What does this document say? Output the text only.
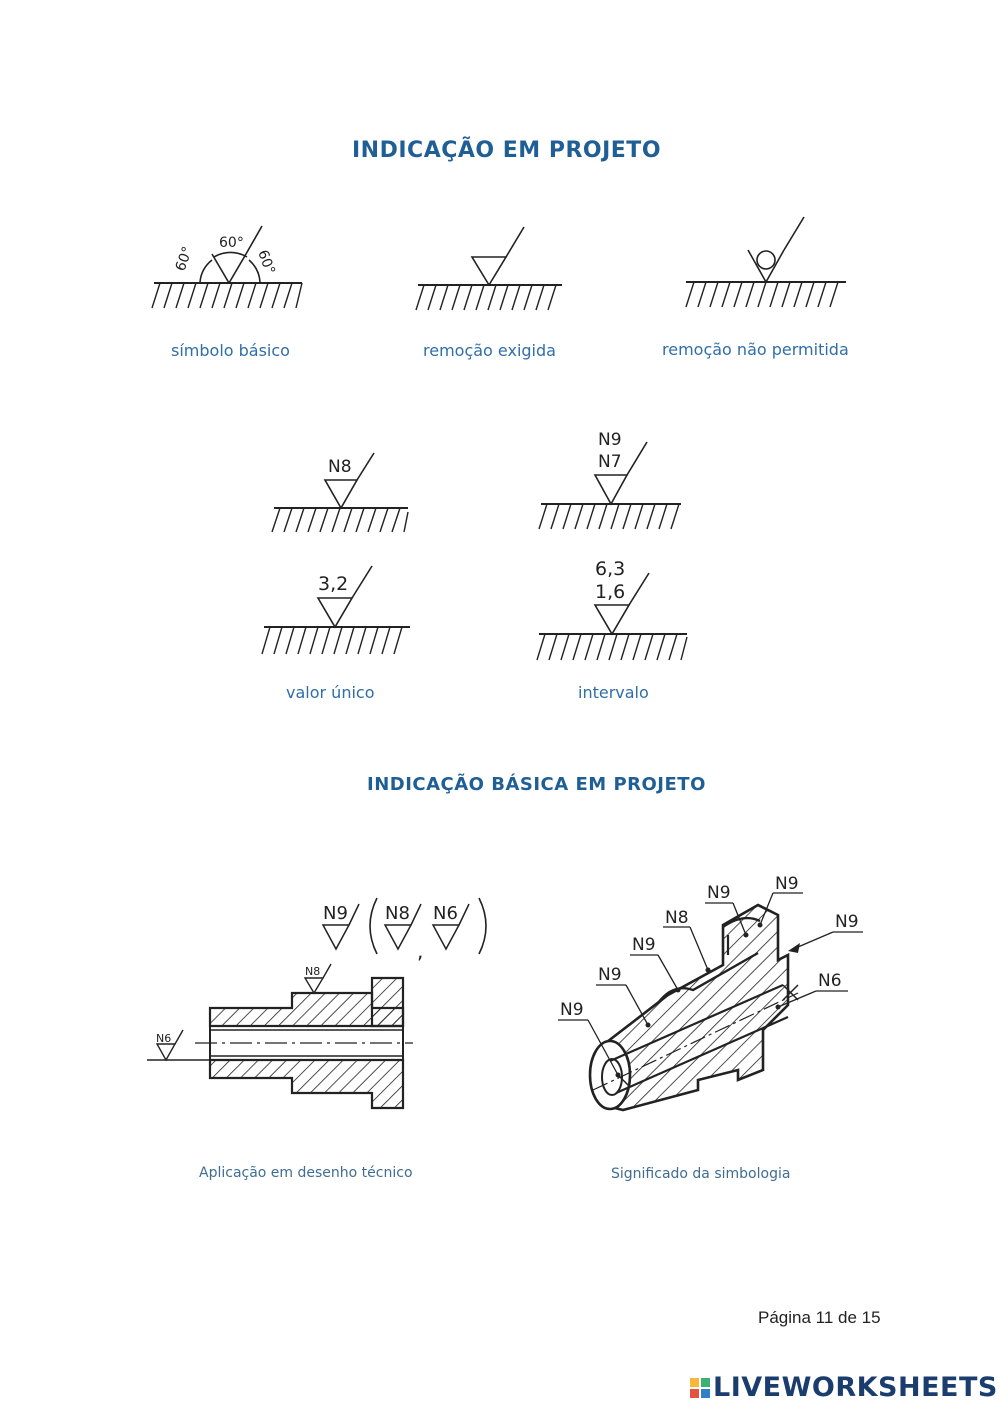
INDICAÇÃO EM PROJETO
60°
60°
60°
símbolo básico	remoção exigida	remoção não permitida
N8
N9
N7
3,2
6,3
1,6
valor único	intervalo
INDICAÇÃO BÁSICA EM PROJETO
N6
N8
N9 N8
,
N6
N9
N9
N9
N8
N9	N9
N9
N6
Aplicação em desenho técnico	Significado da simbologia
Página 11 de 15
LIVEWORKSHEETS
